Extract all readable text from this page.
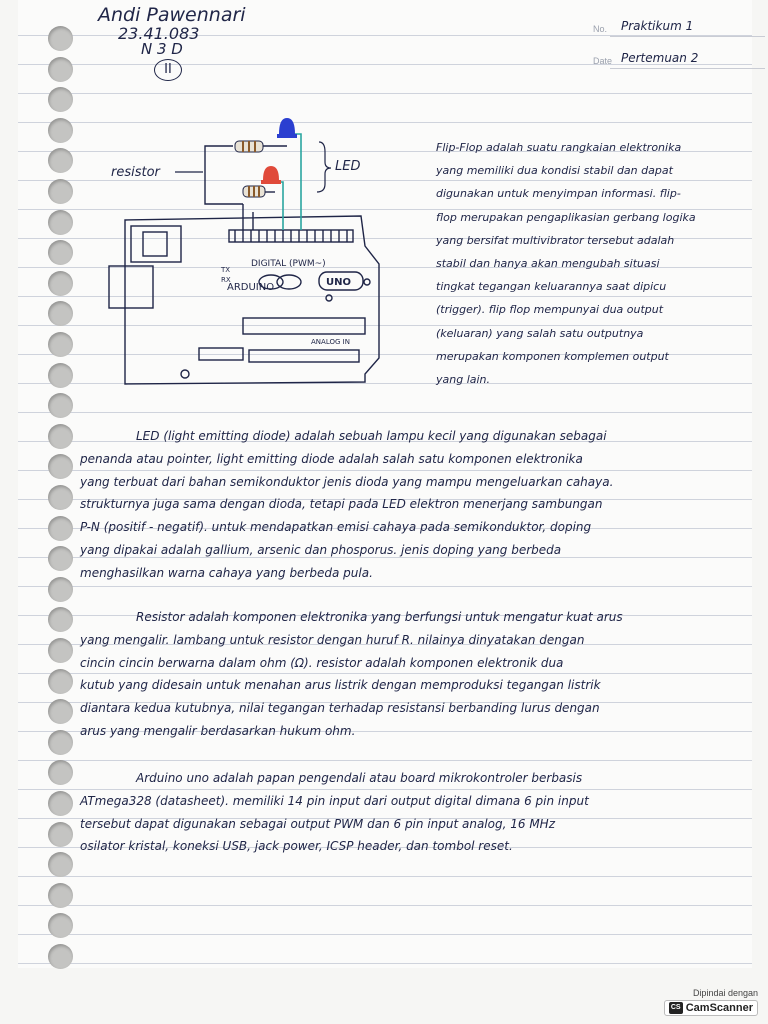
Andi Pawennari
23.41.083
N 3 D
II
No. Praktikum 1
Date Pertemuan 2
resistor	LED
DIGITAL (PWM~)
ARDUINO	UNO
ANALOG IN
TX
RX
Flip-Flop adalah suatu rangkaian elektronika
yang memiliki dua kondisi stabil dan dapat
digunakan untuk menyimpan informasi. flip-
flop merupakan pengaplikasian gerbang logika
yang bersifat multivibrator tersebut adalah
stabil dan hanya akan mengubah situasi
tingkat tegangan keluarannya saat dipicu
(trigger). flip flop mempunyai dua output
(keluaran) yang salah satu outputnya
merupakan komponen komplemen output
yang lain.
LED (light emitting diode) adalah sebuah lampu kecil yang digunakan sebagai
penanda atau pointer, light emitting diode adalah salah satu komponen elektronika
yang terbuat dari bahan semikonduktor jenis dioda yang mampu mengeluarkan cahaya.
strukturnya juga sama dengan dioda, tetapi pada LED elektron menerjang sambungan
P-N (positif - negatif). untuk mendapatkan emisi cahaya pada semikonduktor, doping
yang dipakai adalah gallium, arsenic dan phosporus. jenis doping yang berbeda
menghasilkan warna cahaya yang berbeda pula.
Resistor adalah komponen elektronika yang berfungsi untuk mengatur kuat arus
yang mengalir. lambang untuk resistor dengan huruf R. nilainya dinyatakan dengan
cincin cincin berwarna dalam ohm (Ω). resistor adalah komponen elektronik dua
kutub yang didesain untuk menahan arus listrik dengan memproduksi tegangan listrik
diantara kedua kutubnya, nilai tegangan terhadap resistansi berbanding lurus dengan
arus yang mengalir berdasarkan hukum ohm.
Arduino uno adalah papan pengendali atau board mikrokontroler berbasis
ATmega328 (datasheet). memiliki 14 pin input dari output digital dimana 6 pin input
tersebut dapat digunakan sebagai output PWM dan 6 pin input analog, 16 MHz
osilator kristal, koneksi USB, jack power, ICSP header, dan tombol reset.
Dipindai dengan
CS CamScanner
